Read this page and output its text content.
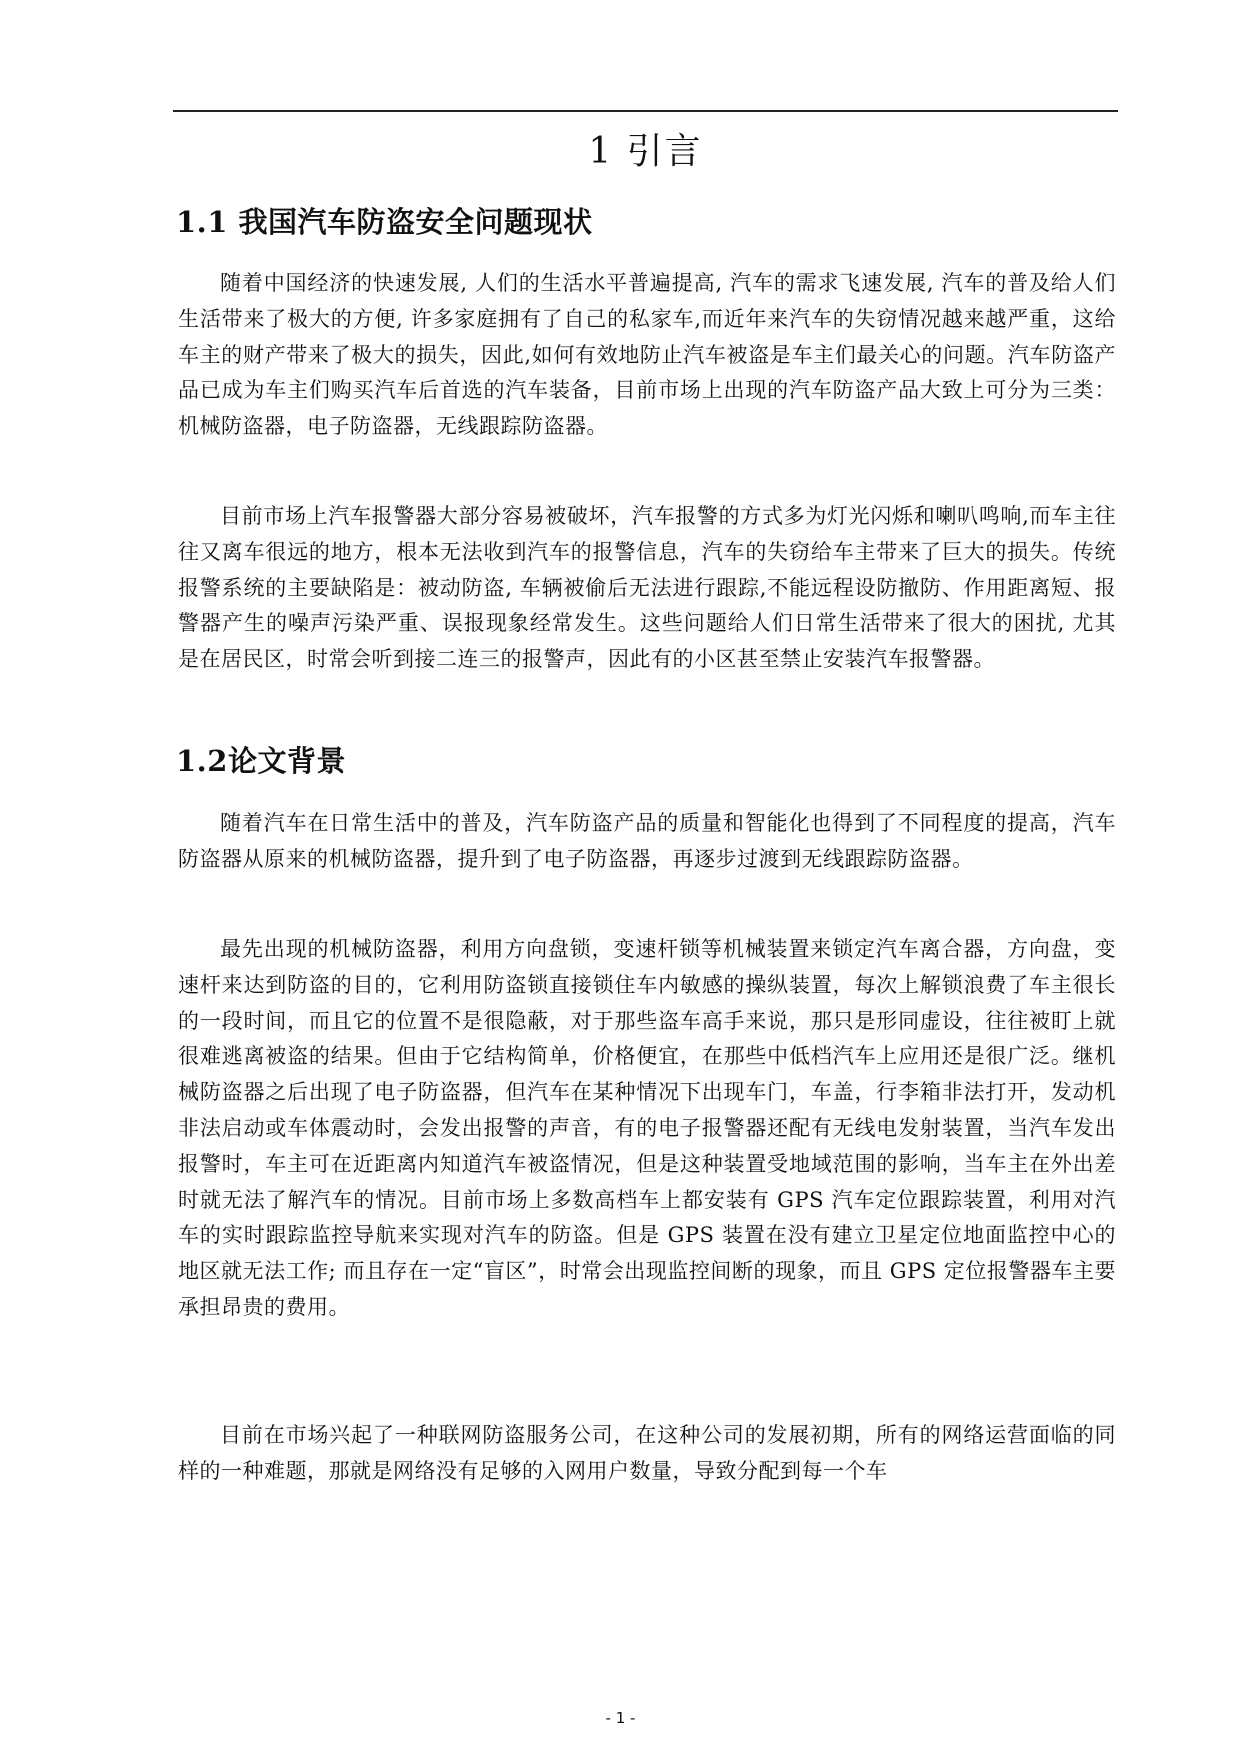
1 引言
1.1 我国汽车防盗安全问题现状

随着中国经济的快速发展, 人们的生活水平普遍提高, 汽车的需求飞速发展, 汽车的普及给人们生活带来了极大的方便, 许多家庭拥有了自己的私家车,而近年来汽车的失窃情况越来越严重，这给车主的财产带来了极大的损失，因此,如何有效地防止汽车被盗是车主们最关心的问题。汽车防盗产品已成为车主们购买汽车后首选的汽车装备，目前市场上出现的汽车防盗产品大致上可分为三类：机械防盗器，电子防盗器，无线跟踪防盗器。

目前市场上汽车报警器大部分容易被破坏，汽车报警的方式多为灯光闪烁和喇叭鸣响,而车主往往又离车很远的地方，根本无法收到汽车的报警信息，汽车的失窃给车主带来了巨大的损失。传统报警系统的主要缺陷是：被动防盗, 车辆被偷后无法进行跟踪,不能远程设防撤防、作用距离短、报警器产生的噪声污染严重、误报现象经常发生。这些问题给人们日常生活带来了很大的困扰, 尤其是在居民区，时常会听到接二连三的报警声，因此有的小区甚至禁止安装汽车报警器。

1.2论文背景

随着汽车在日常生活中的普及，汽车防盗产品的质量和智能化也得到了不同程度的提高，汽车防盗器从原来的机械防盗器，提升到了电子防盗器，再逐步过渡到无线跟踪防盗器。

最先出现的机械防盗器，利用方向盘锁，变速杆锁等机械装置来锁定汽车离合器，方向盘，变速杆来达到防盗的目的，它利用防盗锁直接锁住车内敏感的操纵装置，每次上解锁浪费了车主很长的一段时间，而且它的位置不是很隐蔽，对于那些盗车高手来说，那只是形同虚设，往往被盯上就很难逃离被盗的结果。但由于它结构简单，价格便宜，在那些中低档汽车上应用还是很广泛。继机械防盗器之后出现了电子防盗器，但汽车在某种情况下出现车门，车盖，行李箱非法打开，发动机非法启动或车体震动时，会发出报警的声音，有的电子报警器还配有无线电发射装置，当汽车发出报警时，车主可在近距离内知道汽车被盗情况，但是这种装置受地域范围的影响，当车主在外出差时就无法了解汽车的情况。目前市场上多数高档车上都安装有 GPS 汽车定位跟踪装置，利用对汽车的实时跟踪监控导航来实现对汽车的防盗。但是 GPS 装置在没有建立卫星定位地面监控中心的地区就无法工作; 而且存在一定“盲区”，时常会出现监控间断的现象，而且 GPS 定位报警器车主要承担昂贵的费用。

目前在市场兴起了一种联网防盗服务公司，在这种公司的发展初期，所有的网络运营面临的同样的一种难题，那就是网络没有足够的入网用户数量，导致分配到每一个车

- 1 -
